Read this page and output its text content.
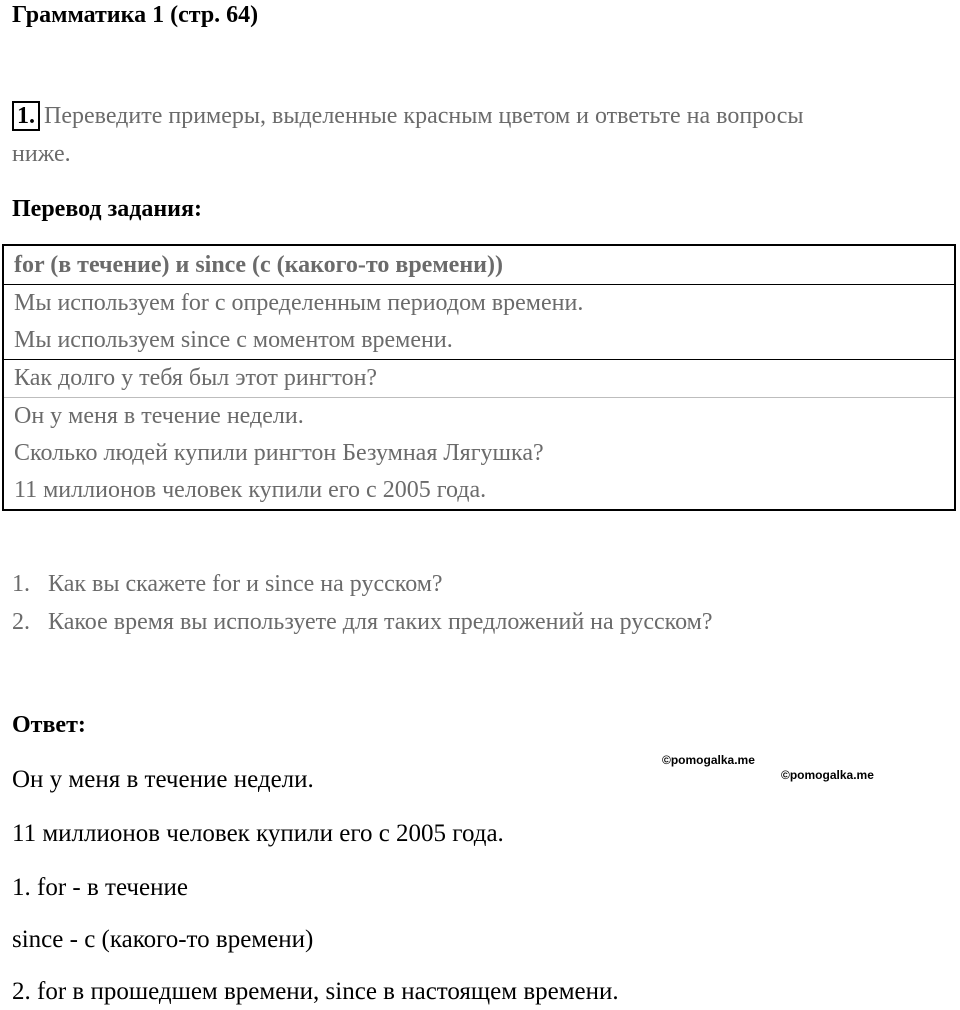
Грамматика 1 (стр. 64)
1. Переведите примеры, выделенные красным цветом и ответьте на вопросы
ниже.
Перевод задания:
for (в течение) и since (с (какого-то времени))
Мы используем for с определенным периодом времени.
Мы используем since с моментом времени.
Как долго у тебя был этот рингтон?
Он у меня в течение недели.
Сколько людей купили рингтон Безумная Лягушка?
11 миллионов человек купили его с 2005 года.
1. Как вы скажете for и since на русском?
2. Какое время вы используете для таких предложений на русском?
Ответ:
©pomogalka.me
©pomogalka.me
Он у меня в течение недели.
11 миллионов человек купили его с 2005 года.
1. for - в течение
since - с (какого-то времени)
2. for в прошедшем времени, since в настоящем времени.
